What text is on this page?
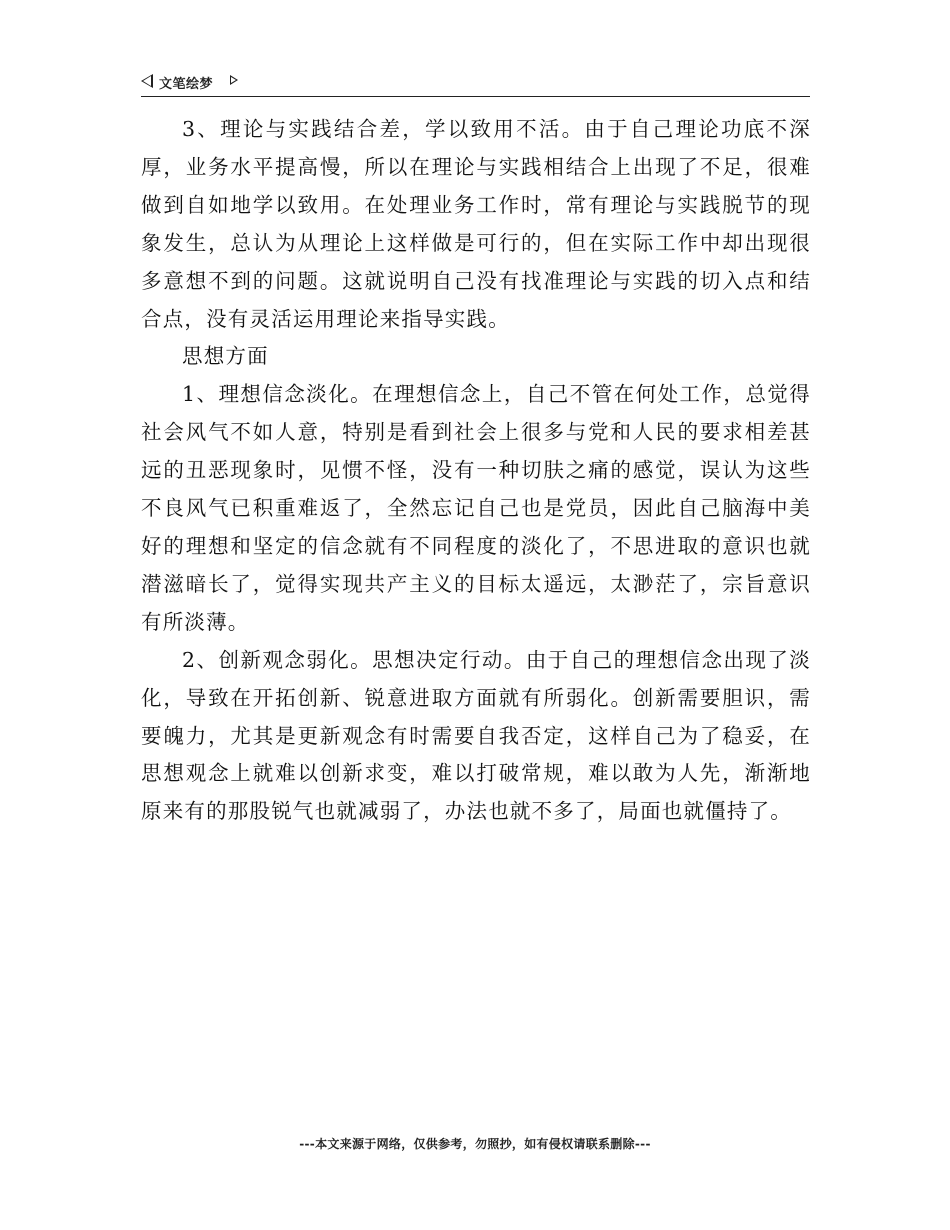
文笔绘梦

3、理论与实践结合差，学以致用不活。由于自己理论功底不深厚，业务水平提高慢，所以在理论与实践相结合上出现了不足，很难做到自如地学以致用。在处理业务工作时，常有理论与实践脱节的现象发生，总认为从理论上这样做是可行的，但在实际工作中却出现很多意想不到的问题。这就说明自己没有找准理论与实践的切入点和结合点，没有灵活运用理论来指导实践。

思想方面

1、理想信念淡化。在理想信念上，自己不管在何处工作，总觉得社会风气不如人意，特别是看到社会上很多与党和人民的要求相差甚远的丑恶现象时，见惯不怪，没有一种切肤之痛的感觉，误认为这些不良风气已积重难返了，全然忘记自己也是党员，因此自己脑海中美好的理想和坚定的信念就有不同程度的淡化了，不思进取的意识也就潜滋暗长了，觉得实现共产主义的目标太遥远，太渺茫了，宗旨意识有所淡薄。

2、创新观念弱化。思想决定行动。由于自己的理想信念出现了淡化，导致在开拓创新、锐意进取方面就有所弱化。创新需要胆识，需要魄力，尤其是更新观念有时需要自我否定，这样自己为了稳妥，在思想观念上就难以创新求变，难以打破常规，难以敢为人先，渐渐地原来有的那股锐气也就减弱了，办法也就不多了，局面也就僵持了。

---本文来源于网络，仅供参考，勿照抄，如有侵权请联系删除---
